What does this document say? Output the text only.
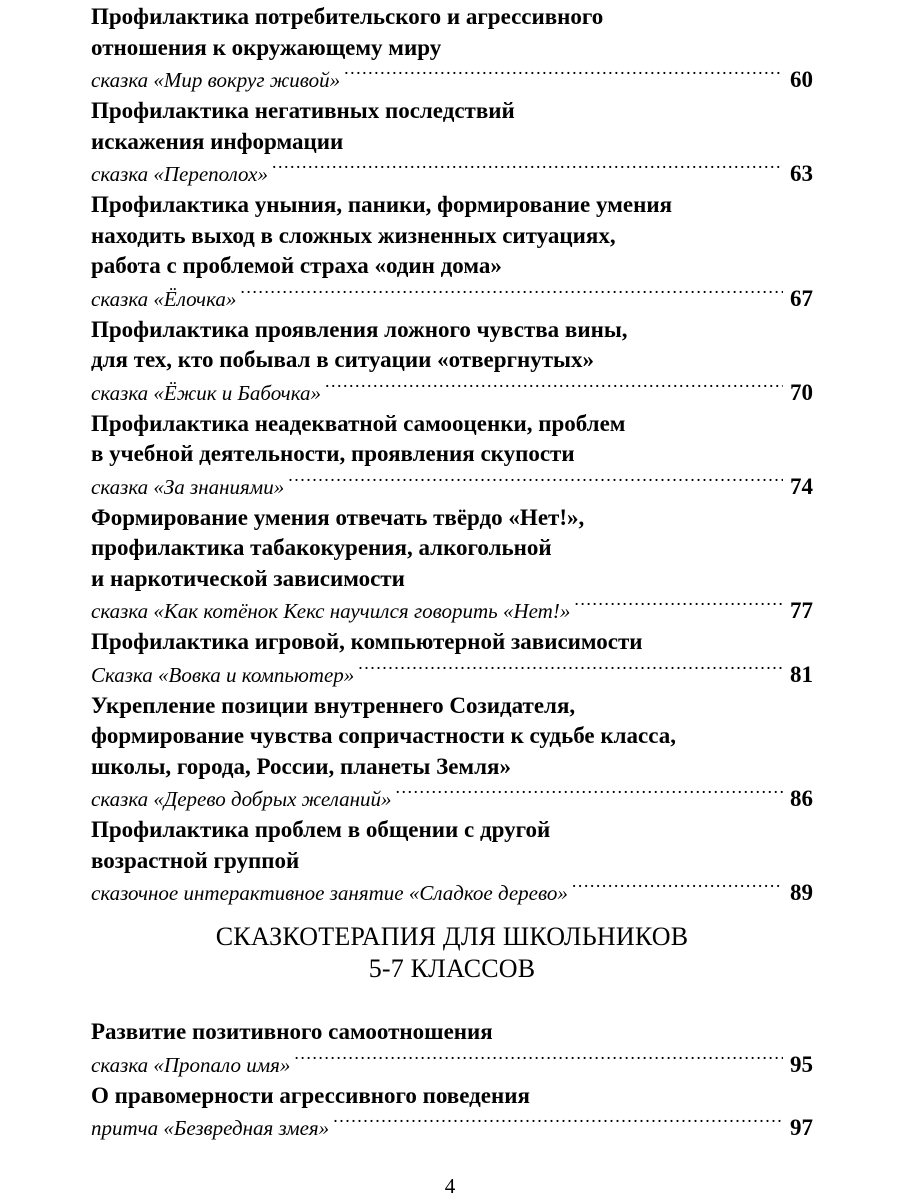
Профилактика потребительского и агрессивного
отношения к окружающему миру
сказка «Мир вокруг живой» .....	60
Профилактика негативных последствий
искажения информации
сказка «Переполох» .....	63
Профилактика уныния, паники, формирование умения
находить выход в сложных жизненных ситуациях,
работа с проблемой страха «один дома»
сказка «Ёлочка» .....	67
Профилактика проявления ложного чувства вины,
для тех, кто побывал в ситуации «отвергнутых»
сказка «Ёжик и Бабочка» .....	70
Профилактика неадекватной самооценки, проблем
в учебной деятельности, проявления скупости
сказка «За знаниями» .....	74
Формирование умения отвечать твёрдо «Нет!»,
профилактика табакокурения, алкогольной
и наркотической зависимости
сказка «Как котёнок Кекс научился говорить «Нет!» .....	77
Профилактика игровой, компьютерной зависимости
Сказка «Вовка и компьютер» .....	81
Укрепление позиции внутреннего Созидателя,
формирование чувства сопричастности к судьбе класса,
школы, города, России, планеты Земля»
сказка «Дерево добрых желаний» .....	86
Профилактика проблем в общении с другой
возрастной группой
сказочное интерактивное занятие «Сладкое дерево» .....	89
СКАЗКОТЕРАПИЯ ДЛЯ ШКОЛЬНИКОВ
5-7 КЛАССОВ
Развитие позитивного самоотношения
сказка «Пропало имя» .....	95
О правомерности агрессивного поведения
притча «Безвредная змея» .....	97
4
